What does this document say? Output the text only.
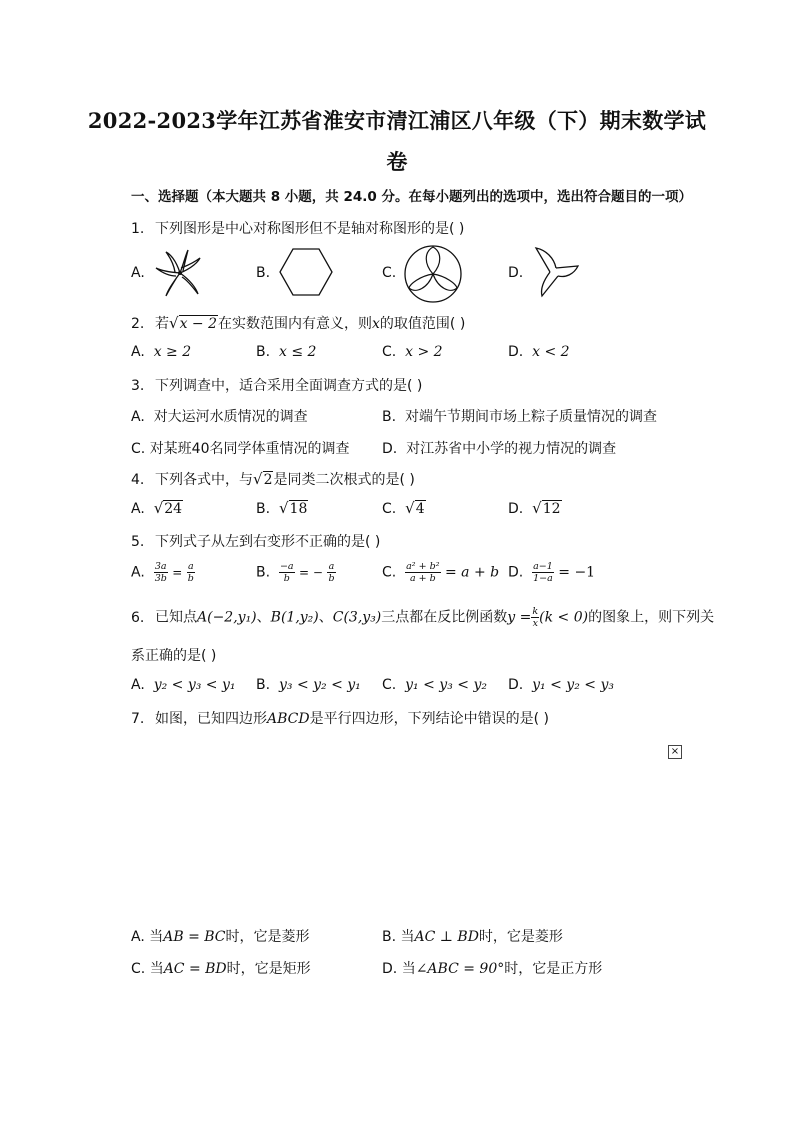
2022-2023学年江苏省淮安市清江浦区八年级（下）期末数学试
卷
一、选择题（本大题共 8 小题，共 24.0 分。在每小题列出的选项中，选出符合题目的一项）
1. 下列图形是中心对称图形但不是轴对称图形的是( )
A.	B.	C.	D.
2. 若√x − 2在实数范围内有意义，则x的取值范围( )
A. x ≥ 2	B. x ≤ 2	C. x > 2	D. x < 2
3. 下列调查中，适合采用全面调查方式的是( )
A. 对大运河水质情况的调查	B. 对端午节期间市场上粽子质量情况的调查
C. 对某班40名同学体重情况的调查 D. 对江苏省中小学的视力情况的调查
4. 下列各式中，与√2是同类二次根式的是( )
A. √24	B. √18	C. √4	D. √12
5. 下列式子从左到右变形不正确的是( )
A. $\frac{3a}{3b} = \frac{a}{b}$	B. $\frac{-a}{b}$ = − $\frac{a}{b}$	C. $\frac{\text{a² + b²}}{a + b} = a + b$ D. $\frac{a-1}{1-a} = -1$
6. 已知点A(−2,y₁)、B(1,y₂)、C(3,y₃)三点都在反比例函数$y = \frac{k}{x} (k < 0)$的图象上，则下列关
系正确的是( )
A. y₂ < y₃ < y₁ B. y₃ < y₂ < y₁ C. y₁ < y₃ < y₂ D. y₁ < y₂ < y₃
7. 如图，已知四边形ABCD是平行四边形，下列结论中错误的是( )
×
A. 当AB = BC时，它是菱形	B. 当AC ⊥ BD时，它是菱形
C. 当AC = BD时，它是矩形	D. 当∠ABC = 90°时，它是正方形
